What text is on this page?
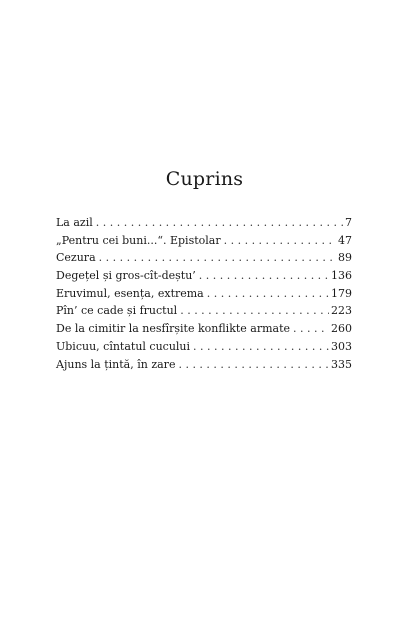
Cuprins
La azil . . .	7
„Pentru cei buni...“. Epistolar . . .	47
Cezura . . .	89
Degețel și gros-cît-deștu’ . . .	136
Eruvimul, esența, extrema . . .	179
Pîn’ ce cade și fructul . . .	223
De la cimitir la nesfîrșite konflikte armate . . .	260
Ubicuu, cîntatul cucului . . .	303
Ajuns la țintă, în zare . . .	335
